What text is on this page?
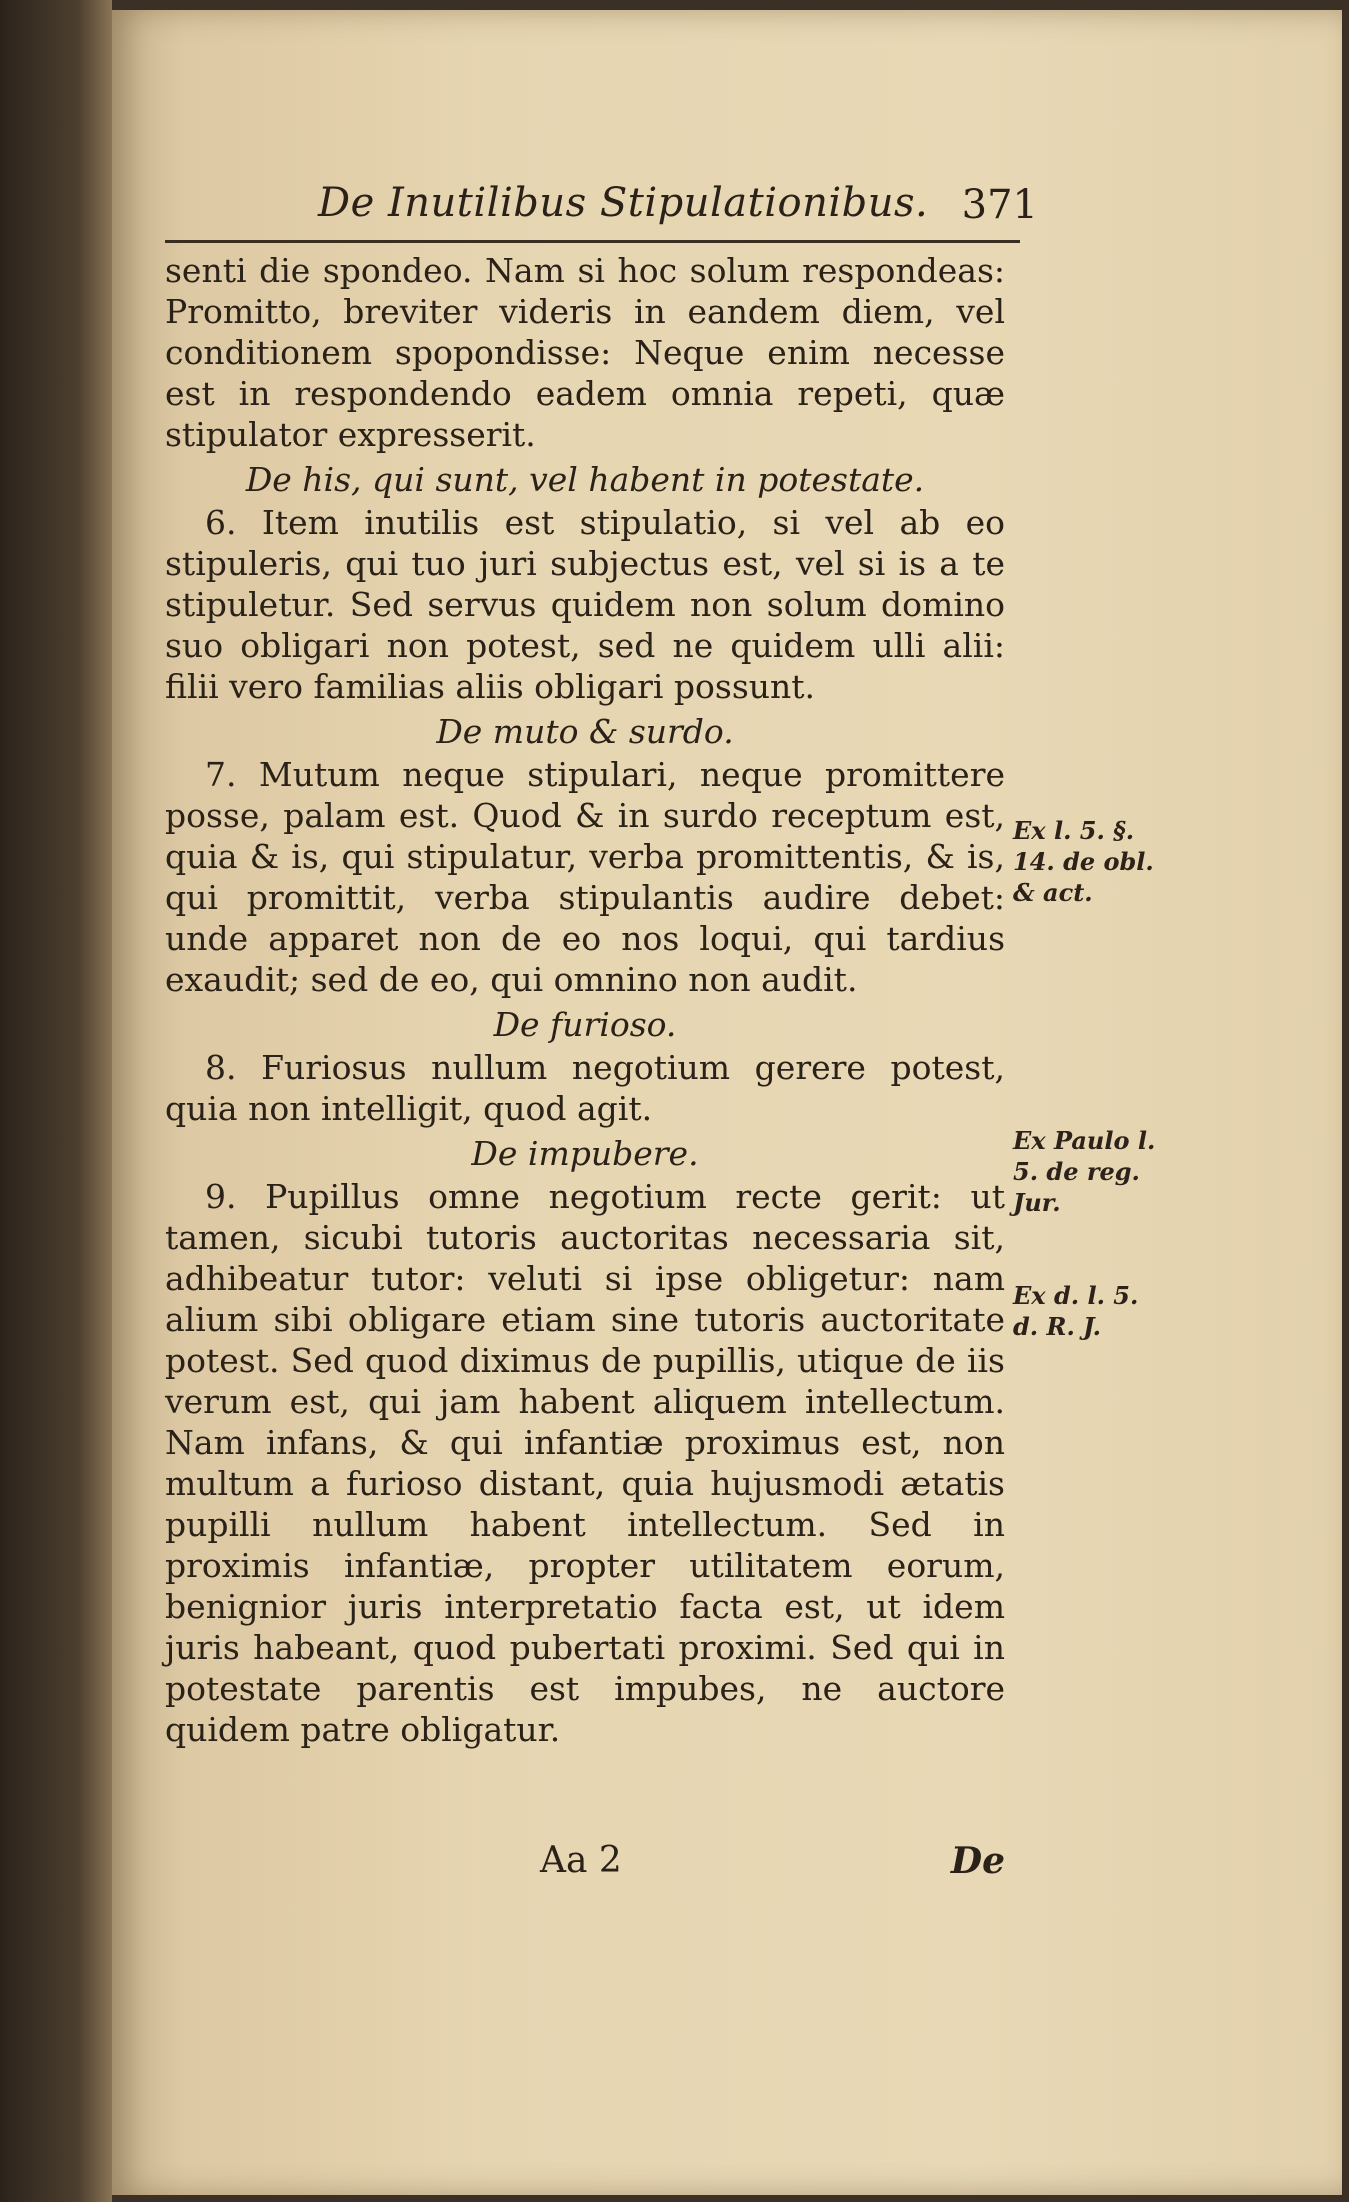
De Inutilibus Stipulationibus. 371

senti die spondeo. Nam si hoc solum respondeas: Promitto, breviter videris in eandem diem, vel conditionem spopondisse: Neque enim necesse est in respondendo eadem omnia repeti, quæ stipulator expresserit.

De his, qui sunt, vel habent in potestate.

6. Item inutilis est stipulatio, si vel ab eo stipuleris, qui tuo juri subjectus est, vel si is a te stipuletur. Sed servus quidem non solum domino suo obligari non potest, sed ne quidem ulli alii: filii vero familias aliis obligari possunt.

De muto & surdo.

7. Mutum neque stipulari, neque promittere posse, palam est. Quod & in surdo receptum est, quia & is, qui stipulatur, verba promittentis, & is, qui promittit, verba stipulantis audire debet: unde apparet non de eo nos loqui, qui tardius exaudit; sed de eo, qui omnino non audit.

De furioso.

8. Furiosus nullum negotium gerere potest, quia non intelligit, quod agit.

De impubere.

9. Pupillus omne negotium recte gerit: ut tamen, sicubi tutoris auctoritas necessaria sit, adhibeatur tutor: veluti si ipse obligetur: nam alium sibi obligare etiam sine tutoris auctoritate potest. Sed quod diximus de pupillis, utique de iis verum est, qui jam habent aliquem intellectum. Nam infans, & qui infantiæ proximus est, non multum a furioso distant, quia hujusmodi ætatis pupilli nullum habent intellectum. Sed in proximis infantiæ, propter utilitatem eorum, benignior juris interpretatio facta est, ut idem juris habeant, quod pubertati proximi. Sed qui in potestate parentis est impubes, ne auctore quidem patre obligatur.

Ex l. 5. §. 14. de obl. & act.
Ex Paulo l. 5. de reg. Jur.
Ex d. l. 5. d. R. J.
Aa 2	De
